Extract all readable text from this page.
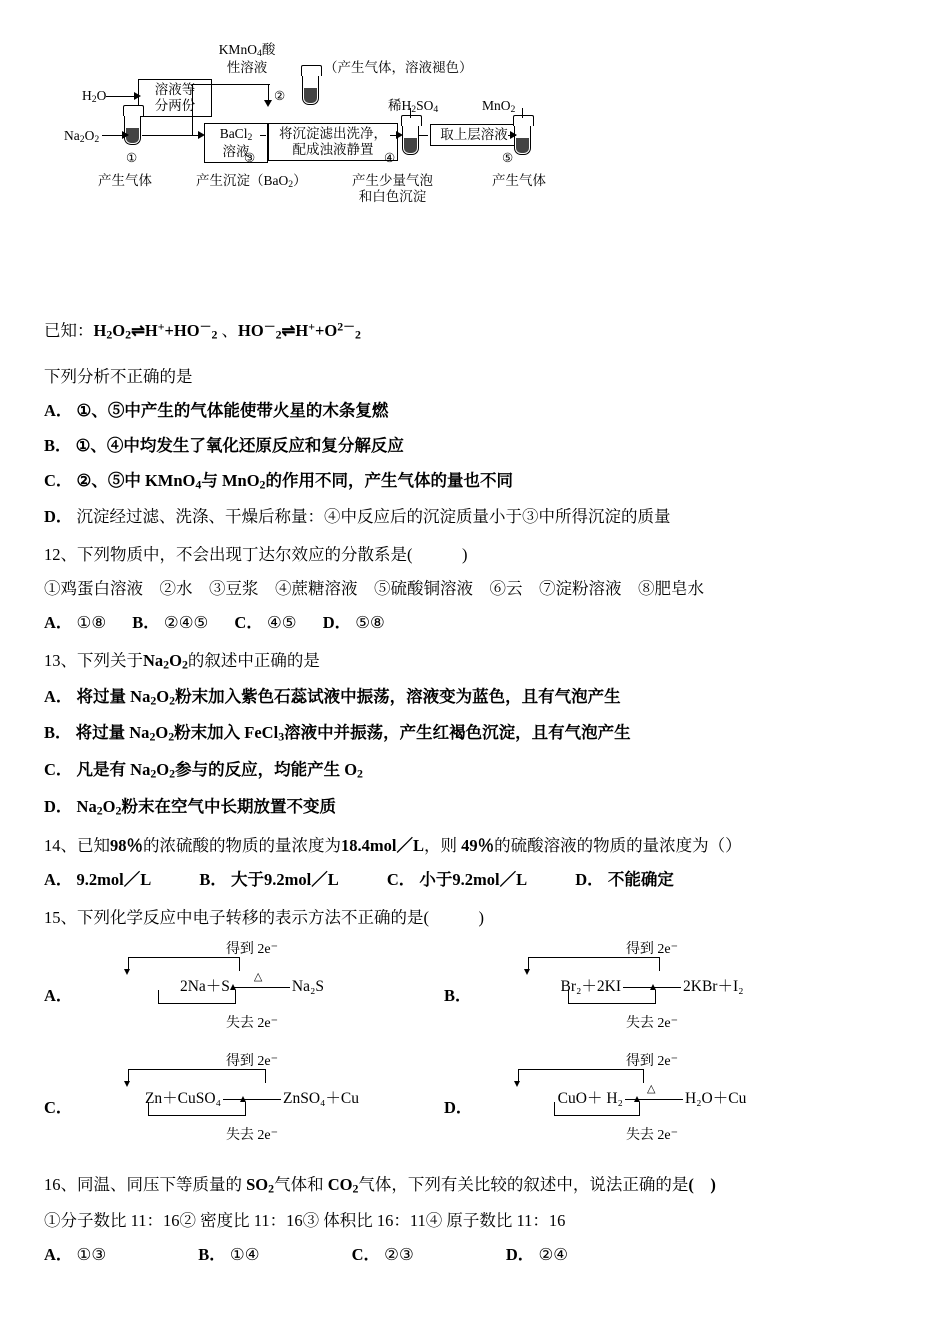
KMnO$_4$酸
性溶液
$H_2O$	溶液等
分两份
$Na_2O_2$
①
产生气体
②
（产生气体，溶液褪色）
BaCl$_2$
溶液
将沉淀滤出洗净，
配成浊液静置
稀$H_2SO_4$	MnO$_2$
④
取上层溶液
⑤
③
产生沉淀（BaO$_2$）	产生少量气泡
和白色沉淀
产生气体
已知：$H_2O_2\rightleftharpoons H^++HO^-_2$ 、$HO^-_2\rightleftharpoons H^++O^{2-}_2$
下列分析不正确的是
A． ①、⑤中产生的气体能使带火星的木条复燃
B． ①、④中均发生了氧化还原反应和复分解反应
C． ②、⑤中 KMnO$_4$与 MnO$_2$的作用不同，产生气体的量也不同
D． 沉淀经过滤、洗涤、干燥后称量：④中反应后的沉淀质量小于③中所得沉淀的质量
12、下列物质中，不会出现丁达尔效应的分散系是(　　　)
①鸡蛋白溶液　②水　③豆浆　④蔗糖溶液　⑤硫酸铜溶液　⑥云　⑦淀粉溶液　⑧肥皂水
A． ①⑧ B． ②④⑤ C． ④⑤ D． ⑤⑧
13、下列关于$Na_2O_2$的叙述中正确的是
A． 将过量 $Na_2O_2$粉末加入紫色石蕊试液中振荡，溶液变为蓝色，且有气泡产生
B． 将过量 $Na_2O_2$粉末加入 FeCl$_3$溶液中并振荡，产生红褐色沉淀，且有气泡产生
C． 凡是有 $Na_2O_2$参与的反应，均能产生 $O_2$
D． $Na_2O_2$粉末在空气中长期放置不变质
14、已知98％的浓硫酸的物质的量浓度为18.4mol／L，则 49％的硫酸溶液的物质的量浓度为（）
A． 9.2mol／L	B． 大于9.2mol／L	C． 小于9.2mol／L	D． 不能确定
15、下列化学反应中电子转移的表示方法不正确的是(　　　)
A．
得到 2e⁻
2Na＋S △	Na₂S
失去 2e⁻
B．
得到 2e⁻
Br₂＋2KI	2KBr＋I₂
失去 2e⁻
C．
得到 2e⁻
Zn＋CuSO₄	ZnSO₄＋Cu
失去 2e⁻
D．
得到 2e⁻
CuO＋ H₂ △	H₂O＋Cu
失去 2e⁻
16、同温、同压下等质量的 $SO_2$气体和 $CO_2$气体，下列有关比较的叙述中，说法正确的是(　)
①分子数比 11：16② 密度比 11：16③ 体积比 16：11④ 原子数比 11：16
A． ①③	B． ①④	C． ②③	D． ②④
